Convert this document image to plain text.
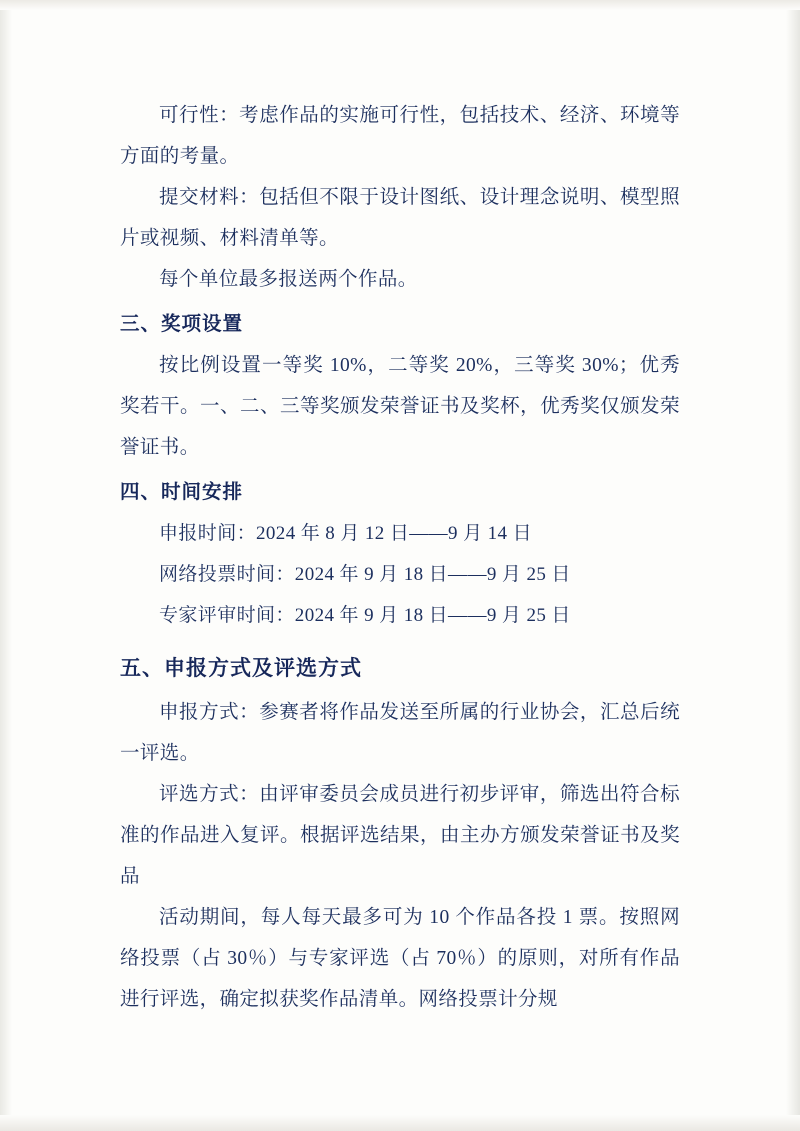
可行性：考虑作品的实施可行性，包括技术、经济、环境等方面的考量。

提交材料：包括但不限于设计图纸、设计理念说明、模型照片或视频、材料清单等。

每个单位最多报送两个作品。

三、奖项设置

按比例设置一等奖 10%，二等奖 20%，三等奖 30%；优秀奖若干。一、二、三等奖颁发荣誉证书及奖杯，优秀奖仅颁发荣誉证书。

四、时间安排

申报时间：2024 年 8 月 12 日——9 月 14 日

网络投票时间：2024 年 9 月 18 日——9 月 25 日

专家评审时间：2024 年 9 月 18 日——9 月 25 日

五、申报方式及评选方式

申报方式：参赛者将作品发送至所属的行业协会，汇总后统一评选。

评选方式：由评审委员会成员进行初步评审，筛选出符合标准的作品进入复评。根据评选结果，由主办方颁发荣誉证书及奖品

活动期间，每人每天最多可为 10 个作品各投 1 票。按照网络投票（占 30％）与专家评选（占 70％）的原则，对所有作品进行评选，确定拟获奖作品清单。网络投票计分规
